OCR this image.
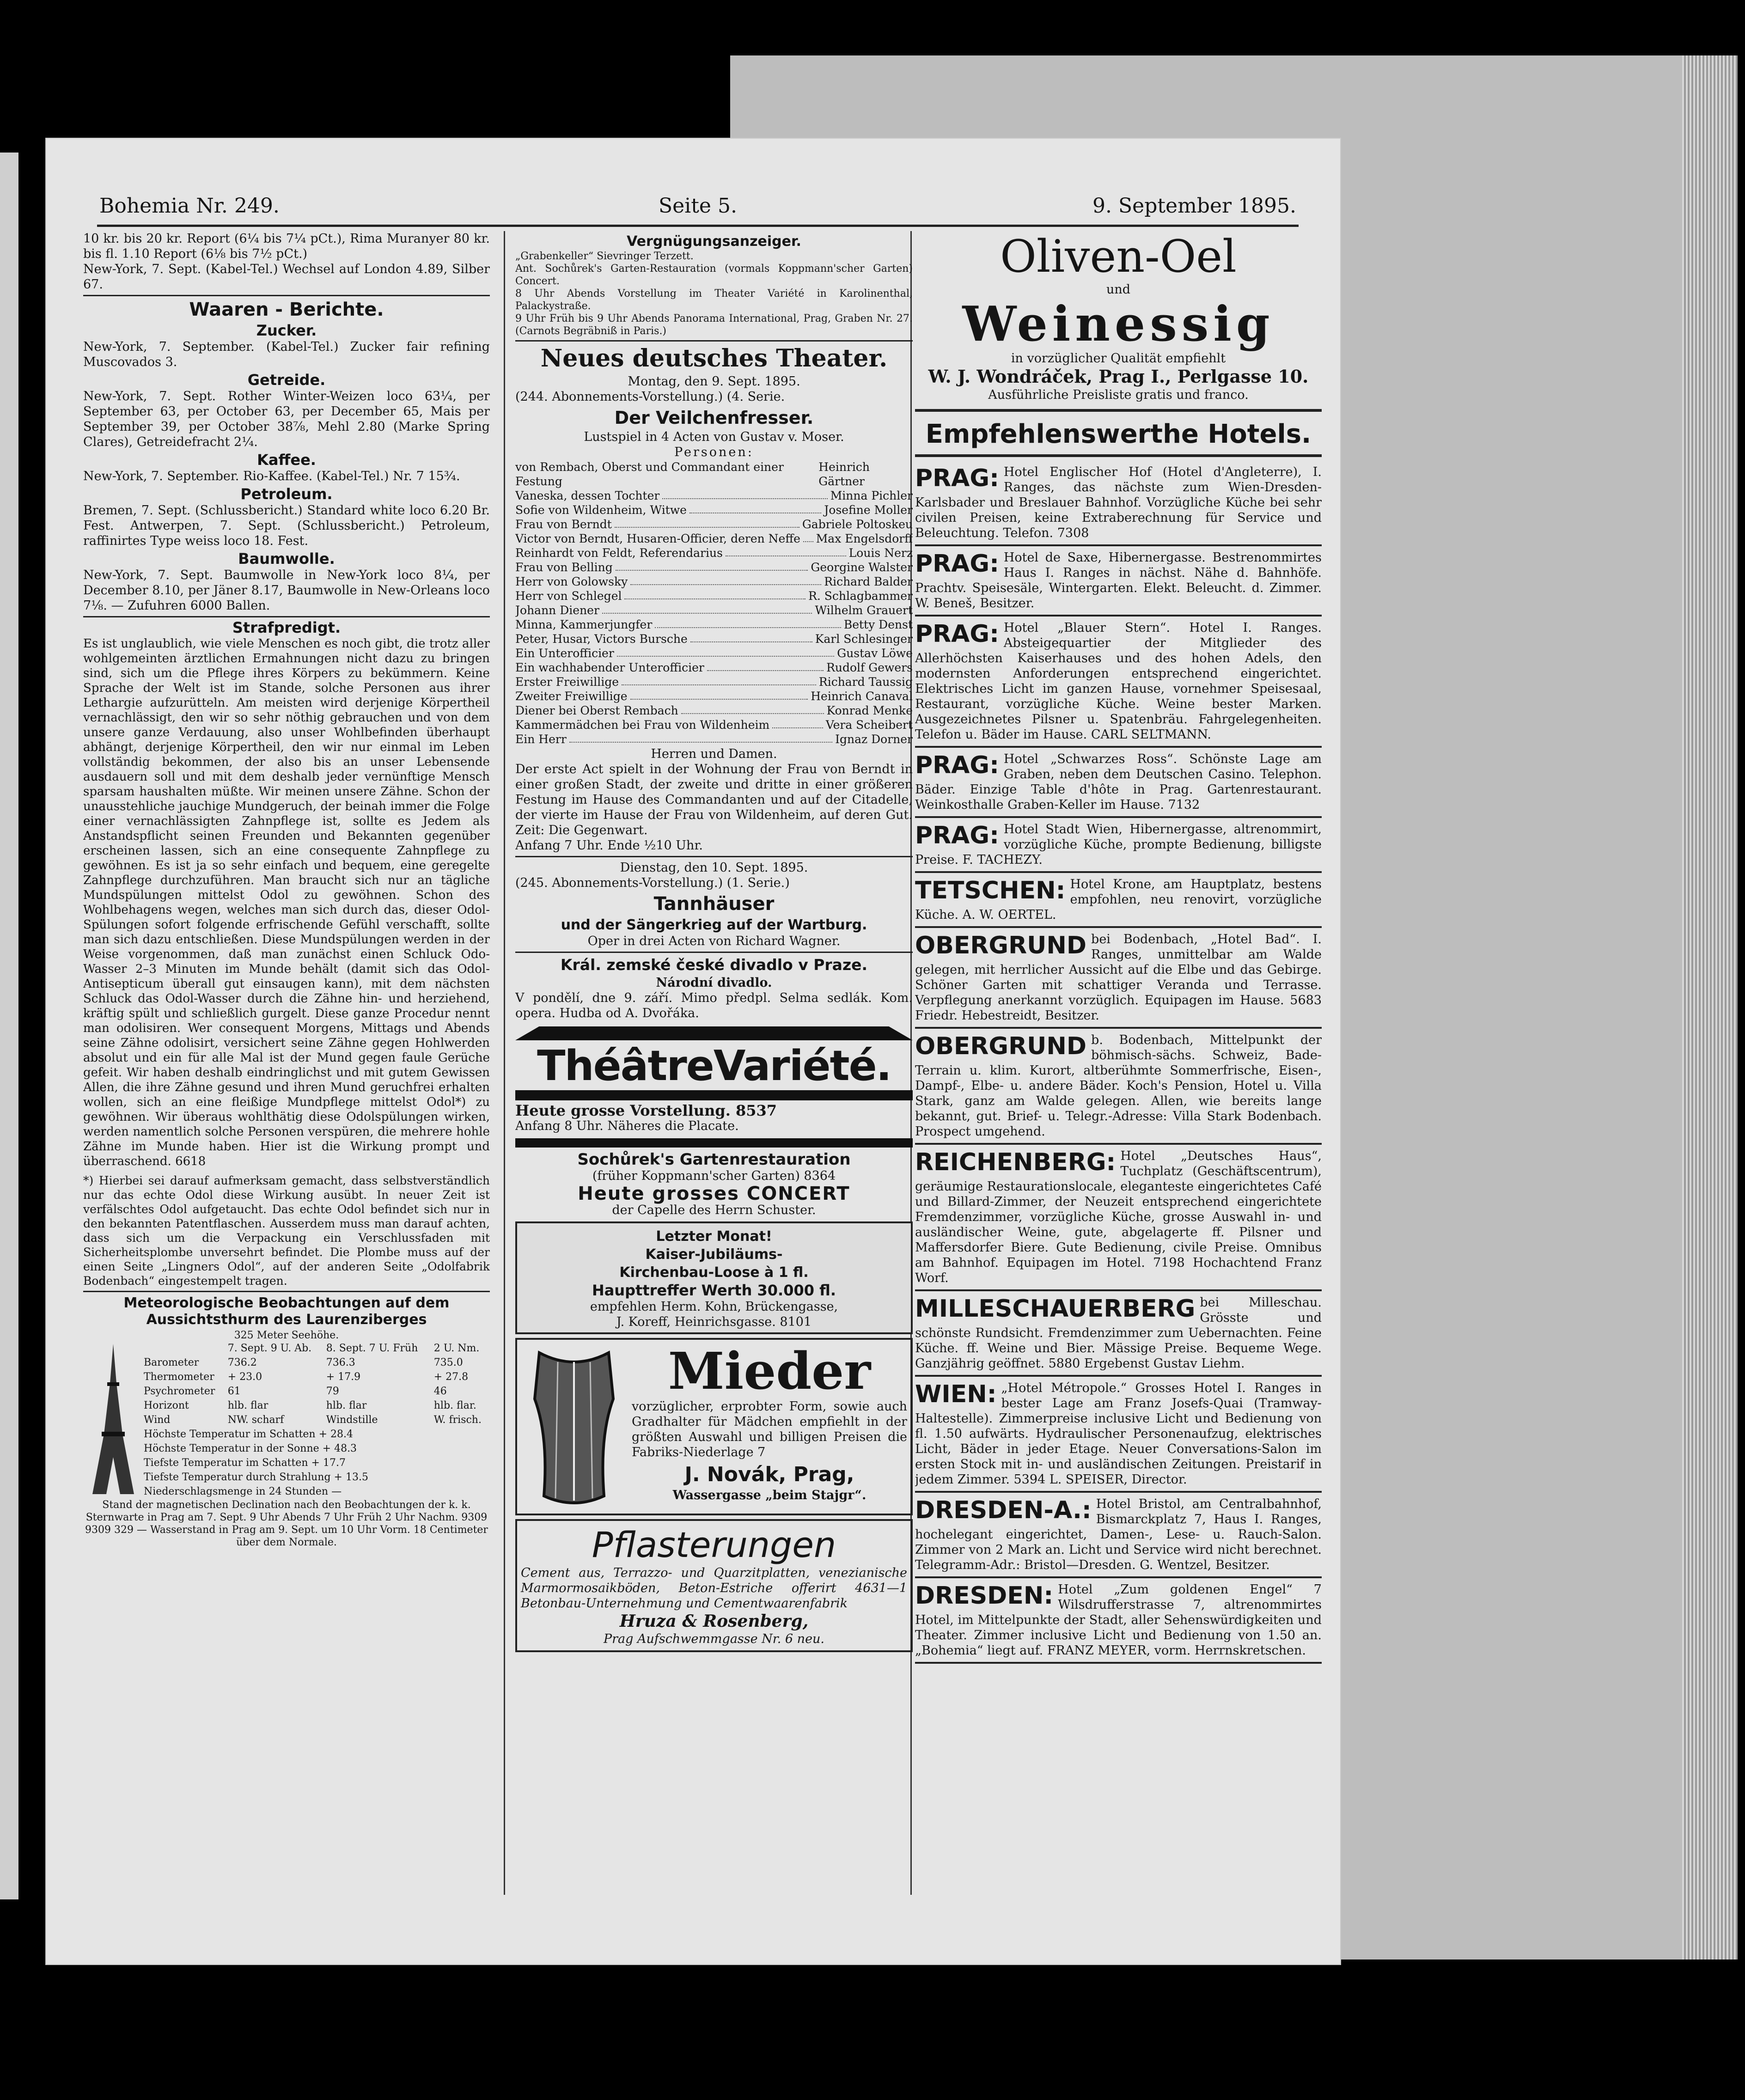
Bohemia Nr. 249.	Seite 5.	9. September 1895.

10 kr. bis 20 kr. Report (6¼ bis 7¼ pCt.), Rima Muranyer 80 kr. bis fl. 1.10 Report (6⅛ bis 7½ pCt.)

New-York, 7. Sept. (Kabel-Tel.) Wechsel auf London 4.89, Silber 67.

Waaren - Berichte.

Zucker.

New-York, 7. September. (Kabel-Tel.) Zucker fair refining Muscovados 3.

Getreide.

New-York, 7. Sept. Rother Winter-Weizen loco 63¼, per September 63, per October 63, per December 65, Mais per September 39, per October 38⅞, Mehl 2.80 (Marke Spring Clares), Getreidefracht 2¼.

Kaffee.

New-York, 7. September. Rio-Kaffee. (Kabel-Tel.) Nr. 7 15¾.

Petroleum.

Bremen, 7. Sept. (Schlussbericht.) Standard white loco 6.20 Br. Fest. Antwerpen, 7. Sept. (Schlussbericht.) Petroleum, raffinirtes Type weiss loco 18. Fest.

Baumwolle.

New-York, 7. Sept. Baumwolle in New-York loco 8¼, per December 8.10, per Jäner 8.17, Baumwolle in New-Orleans loco 7⅛. — Zufuhren 6000 Ballen.

Strafpredigt.

Es ist unglaublich, wie viele Menschen es noch gibt, die trotz aller wohlgemeinten ärztlichen Ermahnungen nicht dazu zu bringen sind, sich um die Pflege ihres Körpers zu bekümmern. Keine Sprache der Welt ist im Stande, solche Personen aus ihrer Lethargie aufzurütteln. Am meisten wird derjenige Körpertheil vernachlässigt, den wir so sehr nöthig gebrauchen und von dem unsere ganze Verdauung, also unser Wohlbefinden überhaupt abhängt, derjenige Körpertheil, den wir nur einmal im Leben vollständig bekommen, der also bis an unser Lebensende ausdauern soll und mit dem deshalb jeder vernünftige Mensch sparsam haushalten müßte. Wir meinen unsere Zähne. Schon der unausstehliche jauchige Mundgeruch, der beinah immer die Folge einer vernachlässigten Zahnpflege ist, sollte es Jedem als Anstandspflicht seinen Freunden und Bekannten gegenüber erscheinen lassen, sich an eine consequente Zahnpflege zu gewöhnen. Es ist ja so sehr einfach und bequem, eine geregelte Zahnpflege durchzuführen. Man braucht sich nur an tägliche Mundspülungen mittelst Odol zu gewöhnen. Schon des Wohlbehagens wegen, welches man sich durch das, dieser Odol-Spülungen sofort folgende erfrischende Gefühl verschafft, sollte man sich dazu entschließen. Diese Mundspülungen werden in der Weise vorgenommen, daß man zunächst einen Schluck Odo-Wasser 2–3 Minuten im Munde behält (damit sich das Odol-Antisepticum überall gut einsaugen kann), mit dem nächsten Schluck das Odol-Wasser durch die Zähne hin- und herziehend, kräftig spült und schließlich gurgelt. Diese ganze Procedur nennt man odolisiren. Wer consequent Morgens, Mittags und Abends seine Zähne odolisirt, versichert seine Zähne gegen Hohlwerden absolut und ein für alle Mal ist der Mund gegen faule Gerüche gefeit. Wir haben deshalb eindringlichst und mit gutem Gewissen Allen, die ihre Zähne gesund und ihren Mund geruchfrei erhalten wollen, sich an eine fleißige Mundpflege mittelst Odol*) zu gewöhnen. Wir überaus wohlthätig diese Odolspülungen wirken, werden namentlich solche Personen verspüren, die mehrere hohle Zähne im Munde haben. Hier ist die Wirkung prompt und überraschend. 6618

*) Hierbei sei darauf aufmerksam gemacht, dass selbstverständlich nur das echte Odol diese Wirkung ausübt. In neuer Zeit ist verfälschtes Odol aufgetaucht. Das echte Odol befindet sich nur in den bekannten Patentflaschen. Ausserdem muss man darauf achten, dass sich um die Verpackung ein Verschlussfaden mit Sicherheitsplombe unversehrt befindet. Die Plombe muss auf der einen Seite „Lingners Odol“, auf der anderen Seite „Odolfabrik Bodenbach“ eingestempelt tragen.

Meteorologische Beobachtungen auf dem Aussichtsthurm des Laurenziberges

325 Meter Seehöhe.

	7. Sept. 9 U. Ab.	8. Sept. 7 U. Früh	2 U. Nm.
Barometer	736.2	736.3	735.0
Thermometer	+ 23.0	+ 17.9	+ 27.8
Psychrometer	61	79	46
Horizont	hlb. flar	hlb. flar	hlb. flar.
Wind	NW. scharf	Windstille	W. frisch.
Höchste Temperatur im Schatten + 28.4			
Höchste Temperatur in der Sonne + 48.3			
Tiefste Temperatur im Schatten + 17.7			
Tiefste Temperatur durch Strahlung + 13.5			
Niederschlagsmenge in 24 Stunden —			

Stand der magnetischen Declination nach den Beobachtungen der k. k. Sternwarte in Prag am 7. Sept. 9 Uhr Abends 7 Uhr Früh 2 Uhr Nachm. 9309 9309 329 — Wasserstand in Prag am 9. Sept. um 10 Uhr Vorm. 18 Centimeter über dem Normale.

Vergnügungsanzeiger.

„Grabenkeller“ Sievringer Terzett.

Ant. Sochůrek's Garten-Restauration (vormals Koppmann'scher Garten) Concert.

8 Uhr Abends Vorstellung im Theater Variété in Karolinenthal, Palackystraße.

9 Uhr Früh bis 9 Uhr Abends Panorama International, Prag, Graben Nr. 27. (Carnots Begräbniß in Paris.)

Neues deutsches Theater.

Montag, den 9. Sept. 1895.

(244. Abonnements-Vorstellung.) (4. Serie.

Der Veilchenfresser.

Lustspiel in 4 Acten von Gustav v. Moser.

Personen:

von Rembach, Oberst und Commandant einer Festung
Heinrich Gärtner
Vaneska, dessen Tochter	Minna Pichler
Sofie von Wildenheim, Witwe	Josefine Moller
Frau von Berndt	Gabriele Poltoskeu
Victor von Berndt, Husaren-Officier, deren Neffe Max Engelsdorff
Reinhardt von Feldt, Referendarius	Louis Nerz
Frau von Belling	Georgine Walster
Herr von Golowsky	Richard Balder
Herr von Schlegel	R. Schlagbammer
Johann Diener	Wilhelm Grauert
Minna, Kammerjungfer	Betty Denst
Peter, Husar, Victors Bursche	Karl Schlesinger
Ein Unterofficier	Gustav Löwe
Ein wachhabender Unterofficier	Rudolf Gewers
Erster Freiwillige	Richard Taussig
Zweiter Freiwillige	Heinrich Canaval
Diener bei Oberst Rembach	Konrad Menke
Kammermädchen bei Frau von Wildenheim	Vera Scheibert
Ein Herr	Ignaz Dorner

Herren und Damen.

Der erste Act spielt in der Wohnung der Frau von Berndt in einer großen Stadt, der zweite und dritte in einer größeren Festung im Hause des Commandanten und auf der Citadelle, der vierte im Hause der Frau von Wildenheim, auf deren Gut. Zeit: Die Gegenwart.

Anfang 7 Uhr. Ende ½10 Uhr.

Dienstag, den 10. Sept. 1895.

(245. Abonnements-Vorstellung.) (1. Serie.)

Tannhäuser

und der Sängerkrieg auf der Wartburg.

Oper in drei Acten von Richard Wagner.

Král. zemské české divadlo v Praze.

Národní divadlo.

V pondělí, dne 9. září. Mimo předpl. Selma sedlák. Kom. opera. Hudba od A. Dvořáka.

ThéâtreVariété.

Heute grosse Vorstellung. 8537

Anfang 8 Uhr. Näheres die Placate.

Sochůrek's Gartenrestauration

(früher Koppmann'scher Garten) 8364

Heute grosses CONCERT

der Capelle des Herrn Schuster.

Letzter Monat!

Kaiser-Jubiläums-

Kirchenbau-Loose à 1 fl.

Haupttreffer Werth 30.000 fl.

empfehlen Herm. Kohn, Brückengasse,

J. Koreff, Heinrichsgasse. 8101

Mieder

vorzüglicher, erprobter Form, sowie auch Gradhalter für Mädchen empfiehlt in der größten Auswahl und billigen Preisen die Fabriks-Niederlage 7

J. Novák, Prag,

Wassergasse „beim Stajgr“.

Pflasterungen

Cement aus, Terrazzo- und Quarzitplatten, venezianische Marmormosaikböden, Beton-Estriche offerirt 4631—1 Betonbau-Unternehmung und Cementwaarenfabrik

Hruza & Rosenberg,

Prag Aufschwemmgasse Nr. 6 neu.

Oliven-Oel

und

Weinessig

in vorzüglicher Qualität empfiehlt

W. J. Wondráček, Prag I., Perlgasse 10.

Ausführliche Preisliste gratis und franco.

Empfehlenswerthe Hotels.

PRAG: Hotel Englischer Hof (Hotel d'Angleterre), I. Ranges, das nächste zum Wien-Dresden-Karlsbader und Breslauer Bahnhof. Vorzügliche Küche bei sehr civilen Preisen, keine Extraberechnung für Service und Beleuchtung. Telefon. 7308

PRAG: Hotel de Saxe, Hibernergasse. Bestrenommirtes Haus I. Ranges in nächst. Nähe d. Bahnhöfe. Prachtv. Speisesäle, Wintergarten. Elekt. Beleucht. d. Zimmer. W. Beneš, Besitzer.

PRAG: Hotel „Blauer Stern“. Hotel I. Ranges. Absteigequartier der Mitglieder des Allerhöchsten Kaiserhauses und des hohen Adels, den modernsten Anforderungen entsprechend eingerichtet. Elektrisches Licht im ganzen Hause, vornehmer Speisesaal, Restaurant, vorzügliche Küche. Weine bester Marken. Ausgezeichnetes Pilsner u. Spatenbräu. Fahrgelegenheiten. Telefon u. Bäder im Hause. CARL SELTMANN.

PRAG: Hotel „Schwarzes Ross“. Schönste Lage am Graben, neben dem Deutschen Casino. Telephon. Bäder. Einzige Table d'hôte in Prag. Gartenrestaurant. Weinkosthalle Graben-Keller im Hause. 7132

PRAG: Hotel Stadt Wien, Hibernergasse, altrenommirt, vorzügliche Küche, prompte Bedienung, billigste Preise. F. TACHEZY.

TETSCHEN: Hotel Krone, am Hauptplatz, bestens empfohlen, neu renovirt, vorzügliche Küche. A. W. OERTEL.

OBERGRUND bei Bodenbach, „Hotel Bad“. I. Ranges, unmittelbar am Walde gelegen, mit herrlicher Aussicht auf die Elbe und das Gebirge. Schöner Garten mit schattiger Veranda und Terrasse. Verpflegung anerkannt vorzüglich. Equipagen im Hause. 5683 Friedr. Hebestreidt, Besitzer.

OBERGRUND b. Bodenbach, Mittelpunkt der böhmisch-sächs. Schweiz, Bade-Terrain u. klim. Kurort, altberühmte Sommerfrische, Eisen-, Dampf-, Elbe- u. andere Bäder. Koch's Pension, Hotel u. Villa Stark, ganz am Walde gelegen. Allen, wie bereits lange bekannt, gut. Brief- u. Telegr.-Adresse: Villa Stark Bodenbach. Prospect umgehend.

REICHENBERG: Hotel „Deutsches Haus“, Tuchplatz (Geschäftscentrum), geräumige Restaurationslocale, eleganteste eingerichtetes Café und Billard-Zimmer, der Neuzeit entsprechend eingerichtete Fremdenzimmer, vorzügliche Küche, grosse Auswahl in- und ausländischer Weine, gute, abgelagerte ff. Pilsner und Maffersdorfer Biere. Gute Bedienung, civile Preise. Omnibus am Bahnhof. Equipagen im Hotel. 7198 Hochachtend Franz Worf.

MILLESCHAUERBERG bei Milleschau. Grösste und schönste Rundsicht. Fremdenzimmer zum Uebernachten. Feine Küche. ff. Weine und Bier. Mässige Preise. Bequeme Wege. Ganzjährig geöffnet. 5880 Ergebenst Gustav Liehm.

WIEN: „Hotel Métropole.“ Grosses Hotel I. Ranges in bester Lage am Franz Josefs-Quai (Tramway-Haltestelle). Zimmerpreise inclusive Licht und Bedienung von fl. 1.50 aufwärts. Hydraulischer Personenaufzug, elektrisches Licht, Bäder in jeder Etage. Neuer Conversations-Salon im ersten Stock mit in- und ausländischen Zeitungen. Preistarif in jedem Zimmer. 5394 L. SPEISER, Director.

DRESDEN-A.: Hotel Bristol, am Centralbahnhof, Bismarckplatz 7, Haus I. Ranges, hochelegant eingerichtet, Damen-, Lese- u. Rauch-Salon. Zimmer von 2 Mark an. Licht und Service wird nicht berechnet. Telegramm-Adr.: Bristol—Dresden. G. Wentzel, Besitzer.

DRESDEN: Hotel „Zum goldenen Engel“ 7 Wilsdrufferstrasse 7, altrenommirtes Hotel, im Mittelpunkte der Stadt, aller Sehenswürdigkeiten und Theater. Zimmer inclusive Licht und Bedienung von 1.50 an. „Bohemia“ liegt auf. FRANZ MEYER, vorm. Herrnskretschen.
